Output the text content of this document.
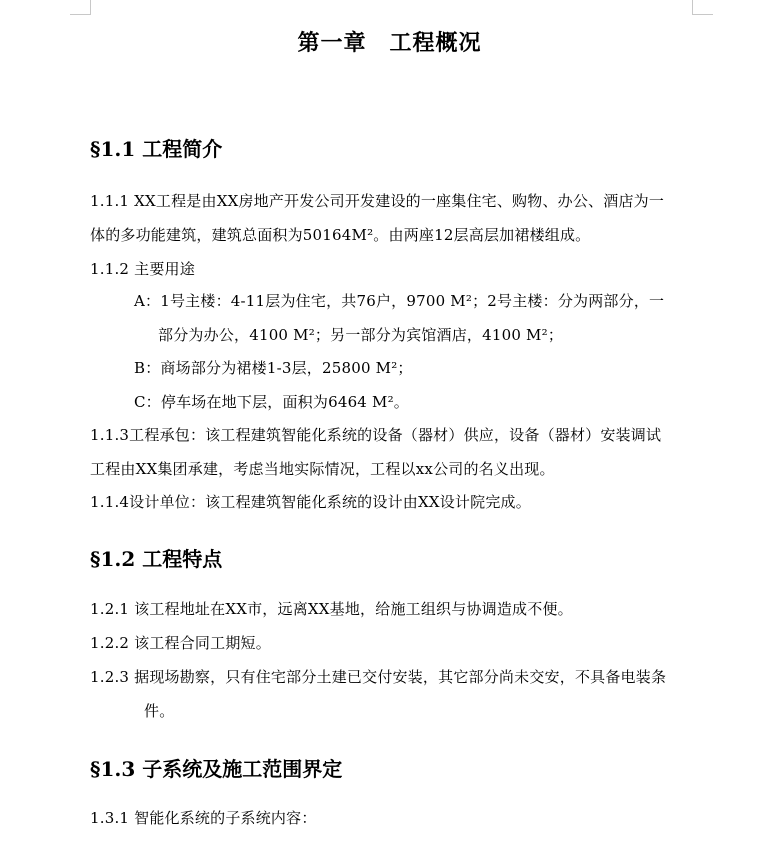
第一章　工程概况
§1.1 工程简介
1.1.1 XX工程是由XX房地产开发公司开发建设的一座集住宅、购物、办公、酒店为一
体的多功能建筑，建筑总面积为50164M²。由两座12层高层加裙楼组成。
1.1.2 主要用途
A：1号主楼：4-11层为住宅，共76户，9700 M²；2号主楼：分为两部分，一
部分为办公，4100 M²；另一部分为宾馆酒店，4100 M²；
B：商场部分为裙楼1-3层，25800 M²；
C：停车场在地下层，面积为6464 M²。
1.1.3工程承包：该工程建筑智能化系统的设备（器材）供应，设备（器材）安装调试
工程由XX集团承建，考虑当地实际情况，工程以xx公司的名义出现。
1.1.4设计单位：该工程建筑智能化系统的设计由XX设计院完成。
§1.2 工程特点
1.2.1 该工程地址在XX市，远离XX基地，给施工组织与协调造成不便。
1.2.2 该工程合同工期短。
1.2.3 据现场勘察，只有住宅部分土建已交付安装，其它部分尚未交安，不具备电装条
件。
§1.3 子系统及施工范围界定
1.3.1 智能化系统的子系统内容：
